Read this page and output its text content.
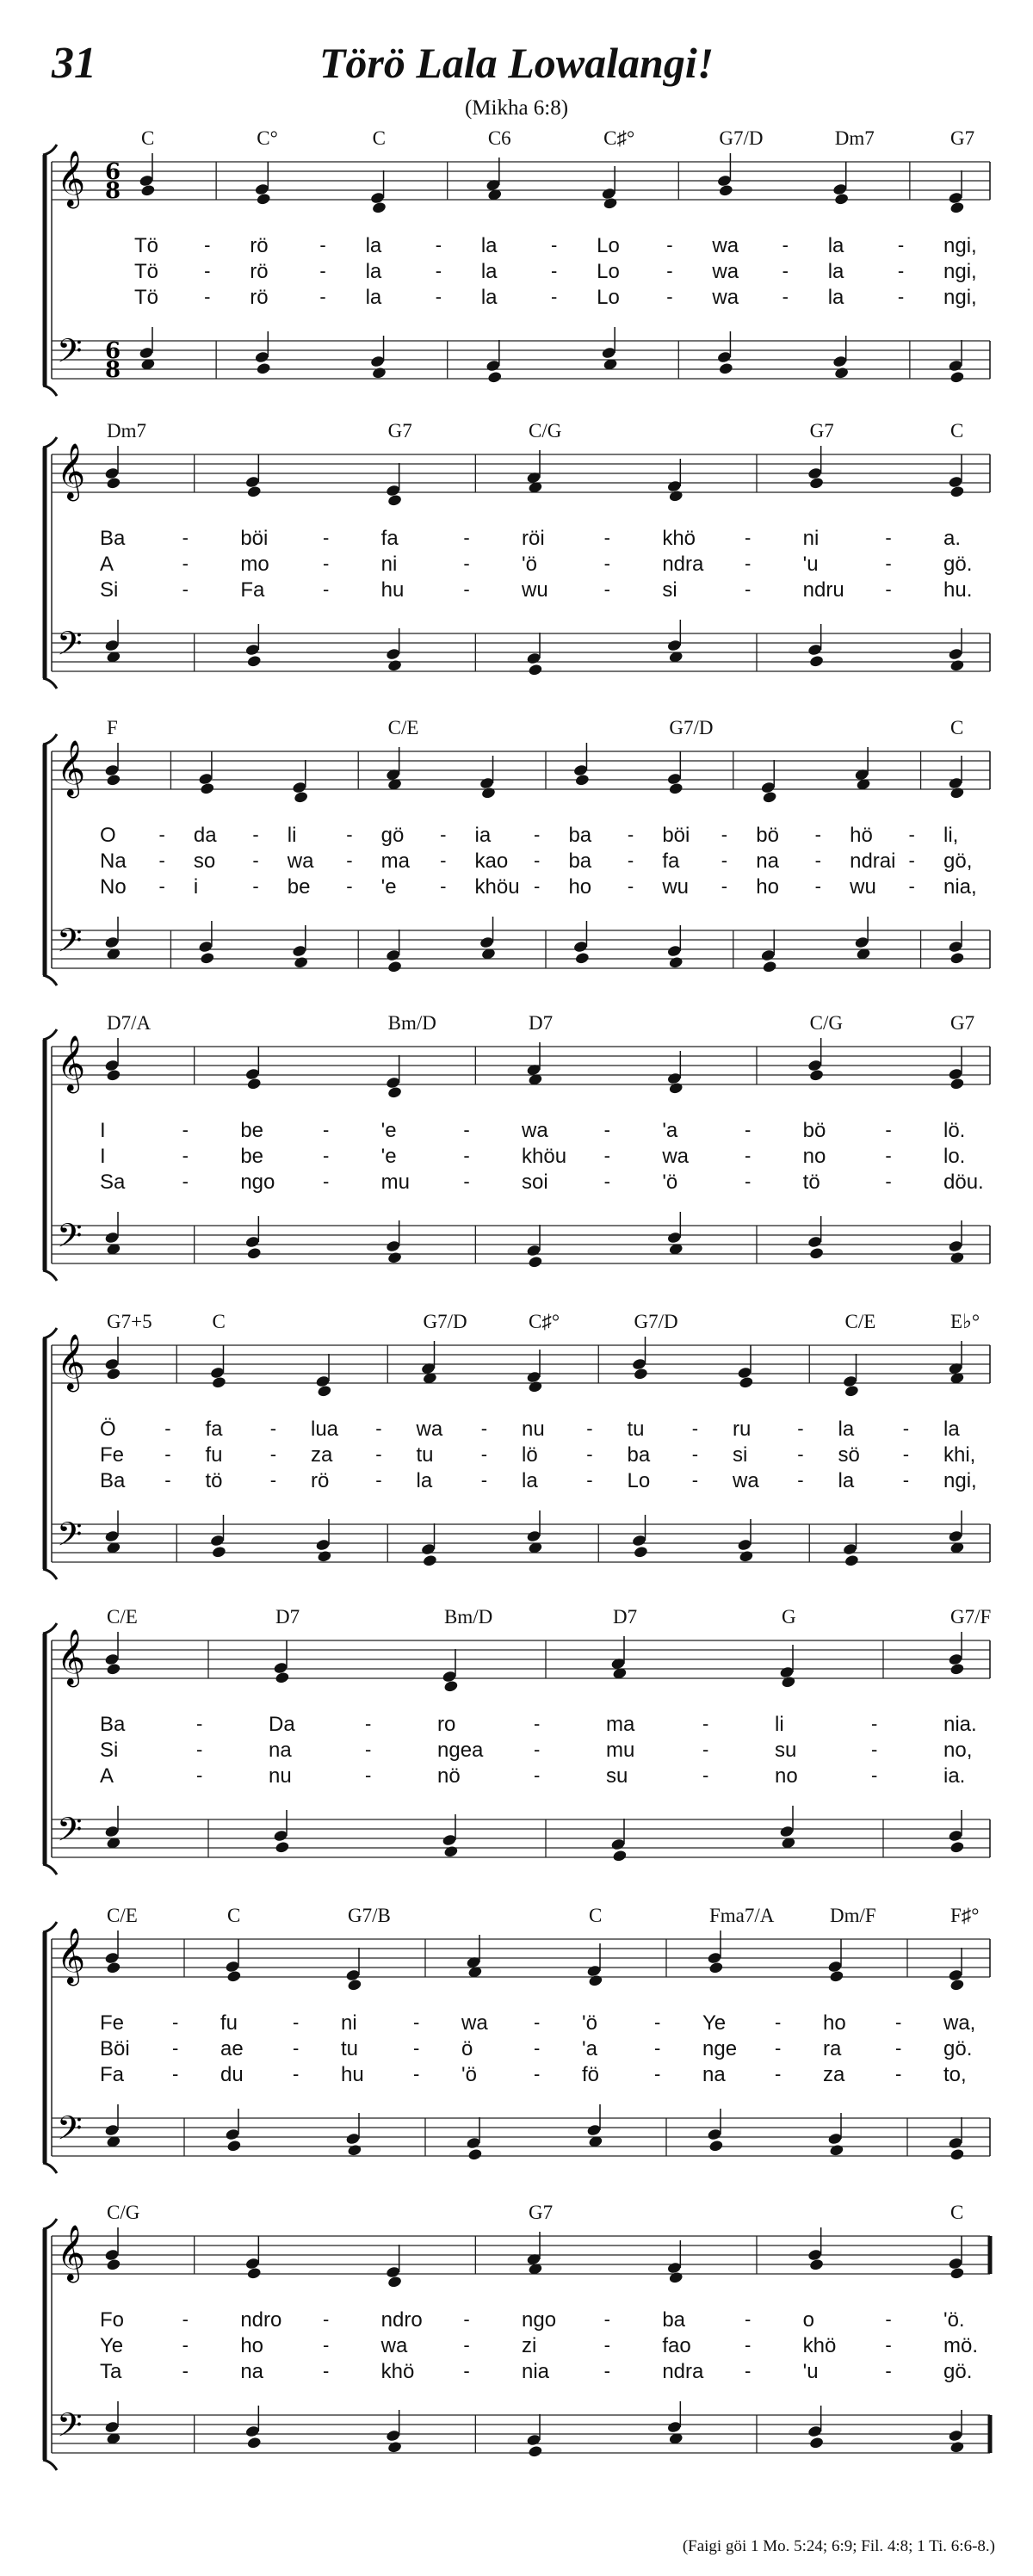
31	Törö Lala Lowalangi!
(Mikha 6:8)
𝄞
𝄢
6
8
6
8
C	C°	C	C6	C♯°	G7/D	Dm7	G7
Tö - rö	- la	- la	- Lo - wa - la	- ngi,
Tö - rö	- la	- la	- Lo - wa - la	- ngi,
Tö - rö	- la	- la	- Lo - wa - la	- ngi,
𝄞
𝄢
Dm7	G7	C/G	G7	C
Ba	-	böi	-	fa	-	röi	-	khö	-	ni	-	a.
A	-	mo	-	ni	-	'ö	-	ndra -	'u	-	gö.
Si	-	Fa	-	hu	-	wu	-	si	-	ndru -	hu.
𝄞
𝄢
F	C/E	G7/D	C
O - da - li	- gö - ia - ba - böi - bö - hö - li,
Na - so - wa - ma - kao - ba - fa - na - ndrai - gö,
No - i	- be - 'e - khöu - ho - wu - ho - wu - nia,
𝄞
𝄢
D7/A	Bm/D	D7	C/G	G7
I	-	be	-	'e	-	wa	-	'a	-	bö	-	lö.
I	-	be	-	'e	-	khöu -	wa	-	no	-	lo.
Sa	-	ngo	-	mu	-	soi	-	'ö	-	tö	-	döu.
𝄞
𝄢
G7+5	C	G7/D	C♯°	G7/D	C/E	E♭°
Ö	- fa	- lua - wa - nu - tu	- ru - la	- la
Fe - fu	- za - tu	- lö	- ba - si	- sö - khi,
Ba - tö	- rö - la	- la	- Lo - wa - la	- ngi,
𝄞
𝄢
C/E	D7	Bm/D	D7	G	G7/F
Ba	-	Da	-	ro	-	ma	-	li	-	nia.
Si	-	na	-	ngea	-	mu	-	su	-	no,
A	-	nu	-	nö	-	su	-	no	-	ia.
𝄞
𝄢
C/E	C	G7/B	C	Fma7/A	Dm/F	F♯°
Fe	- fu	- ni	- wa - 'ö	- Ye	- ho	- wa,
Böi - ae	- tu	- ö	- 'a	- nge - ra	- gö.
Fa	- du	- hu	- 'ö	- fö	- na	- za	- to,
𝄞
𝄢
C/G	G7	C
Fo	-	ndro -	ndro -	ngo	-	ba	-	o	-	'ö.
Ye	-	ho	-	wa	-	zi	-	fao	-	khö	-	mö.
Ta	-	na	-	khö	-	nia	-	ndra -	'u	-	gö.
(Faigi göi 1 Mo. 5:24; 6:9; Fil. 4:8; 1 Ti. 6:6-8.)
